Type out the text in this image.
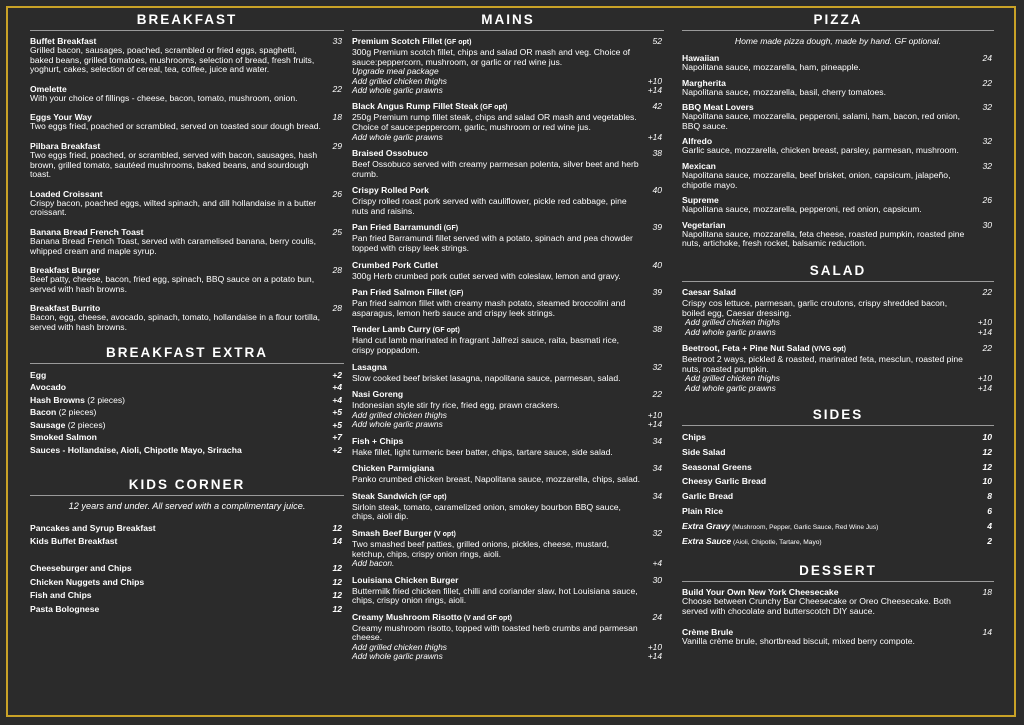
BREAKFAST
Buffet Breakfast	33
Grilled bacon, sausages, poached, scrambled or fried eggs, spaghetti, baked beans, grilled tomatoes, mushrooms, selection of bread, fresh fruits, yoghurt, cakes, selection of cereal, tea, coffee, juice and water.
Omelette	22
With your choice of fillings - cheese, bacon, tomato, mushroom, onion.
Eggs Your Way	18
Two eggs fried, poached or scrambled, served on toasted sour dough bread.
Pilbara Breakfast	29
Two eggs fried, poached, or scrambled, served with bacon, sausages, hash brown, grilled tomato, sautéed mushrooms, baked beans, and sourdough toast.
Loaded Croissant	26
Crispy bacon, poached eggs, wilted spinach, and dill hollandaise in a butter croissant.
Banana Bread French Toast	25
Banana Bread French Toast, served with caramelised banana, berry coulis, whipped cream and maple syrup.
Breakfast Burger	28
Beef patty, cheese, bacon, fried egg, spinach, BBQ sauce on a potato bun, served with hash browns.
Breakfast Burrito	28
Bacon, egg, cheese, avocado, spinach, tomato, hollandaise in a flour tortilla, served with hash browns.
BREAKFAST EXTRA
Egg	+2
Avocado	+4
Hash Browns (2 pieces)	+4
Bacon (2 pieces)	+5
Sausage (2 pieces)	+5
Smoked Salmon	+7
Sauces - Hollandaise, Aioli, Chipotle Mayo, Sriracha	+2
KIDS CORNER
12 years and under. All served with a complimentary juice.
Pancakes and Syrup Breakfast	12
Kids Buffet Breakfast	14
Cheeseburger and Chips	12
Chicken Nuggets and Chips	12
Fish and Chips	12
Pasta Bolognese	12
MAINS
Premium Scotch Fillet (GF opt)	52
300g Premium scotch fillet, chips and salad OR mash and veg. Choice of sauce:peppercorn, mushroom, or garlic or red wine jus.
Upgrade meal package
Add grilled chicken thighs	+10
Add whole garlic prawns	+14
Black Angus Rump Fillet Steak (GF opt)	42
250g Premium rump fillet steak, chips and salad OR mash and vegetables. Choice of sauce:peppercorn, garlic, mushroom or red wine jus.
Add whole garlic prawns	+14
Braised Ossobuco	38
Beef Ossobuco served with creamy parmesan polenta, silver beet and herb crumb.
Crispy Rolled Pork	40
Crispy rolled roast pork served with cauliflower, pickle red cabbage, pine nuts and raisins.
Pan Fried Barramundi (GF)	39
Pan fried Barramundi fillet served with a potato, spinach and pea chowder topped with crispy leek strings.
Crumbed Pork Cutlet	40
300g Herb crumbed pork cutlet served with coleslaw, lemon and gravy.
Pan Fried Salmon Fillet (GF)	39
Pan fried salmon fillet with creamy mash potato, steamed broccolini and asparagus, lemon herb sauce and crispy leek strings.
Tender Lamb Curry (GF opt)	38
Hand cut lamb marinated in fragrant Jalfrezi sauce, raita, basmati rice, crispy poppadom.
Lasagna	32
Slow cooked beef brisket lasagna, napolitana sauce, parmesan, salad.
Nasi Goreng	22
Indonesian style stir fry rice, fried egg, prawn crackers.
Add grilled chicken thighs	+10
Add whole garlic prawns	+14
Fish + Chips	34
Hake fillet, light turmeric beer batter, chips, tartare sauce, side salad.
Chicken Parmigiana	34
Panko crumbed chicken breast, Napolitana sauce, mozzarella, chips, salad.
Steak Sandwich (GF opt)	34
Sirloin steak, tomato, caramelized onion, smokey bourbon BBQ sauce, chips, aioli dip.
Smash Beef Burger (V opt)	32
Two smashed beef patties, grilled onions, pickles, cheese, mustard, ketchup, chips, crispy onion rings, aioli.
Add bacon.	+4
Louisiana Chicken Burger	30
Buttermilk fried chicken fillet, chilli and coriander slaw, hot Louisiana sauce, chips, crispy onion rings, aioli.
Creamy Mushroom Risotto (V and GF opt)	24
Creamy mushroom risotto, topped with toasted herb crumbs and parmesan cheese.
Add grilled chicken thighs	+10
Add whole garlic prawns	+14
PIZZA
Home made pizza dough, made by hand. GF optional.
Hawaiian	24
Napolitana sauce, mozzarella, ham, pineapple.
Margherita	22
Napolitana sauce, mozzarella, basil, cherry tomatoes.
BBQ Meat Lovers	32
Napolitana sauce, mozzarella, pepperoni, salami, ham, bacon, red onion, BBQ sauce.
Alfredo	32
Garlic sauce, mozzarella, chicken breast, parsley, parmesan, mushroom.
Mexican	32
Napolitana sauce, mozzarella, beef brisket, onion, capsicum, jalapeño, chipotle mayo.
Supreme	26
Napolitana sauce, mozzarella, pepperoni, red onion, capsicum.
Vegetarian	30
Napolitana sauce, mozzarella, feta cheese, roasted pumpkin, roasted pine nuts, artichoke, fresh rocket, balsamic reduction.
SALAD
Caesar Salad	22
Crispy cos lettuce, parmesan, garlic croutons, crispy shredded bacon, boiled egg, Caesar dressing.
Add grilled chicken thighs	+10
Add whole garlic prawns	+14
Beetroot, Feta + Pine Nut Salad (V/VG opt)	22
Beetroot 2 ways, pickled & roasted, marinated feta, mesclun, roasted pine nuts, roasted pumpkin.
Add grilled chicken thighs	+10
Add whole garlic prawns	+14
SIDES
Chips	10
Side Salad	12
Seasonal Greens	12
Cheesy Garlic Bread	10
Garlic Bread	8
Plain Rice	6
Extra Gravy (Mushroom, Pepper, Garlic Sauce, Red Wine Jus)	4
Extra Sauce (Aioli, Chipotle, Tartare, Mayo)	2
DESSERT
Build Your Own New York Cheesecake	18
Choose between Crunchy Bar Cheesecake or Oreo Cheesecake. Both served with chocolate and butterscotch DIY sauce.
Crème Brule	14
Vanilla crème brule, shortbread biscuit, mixed berry compote.
